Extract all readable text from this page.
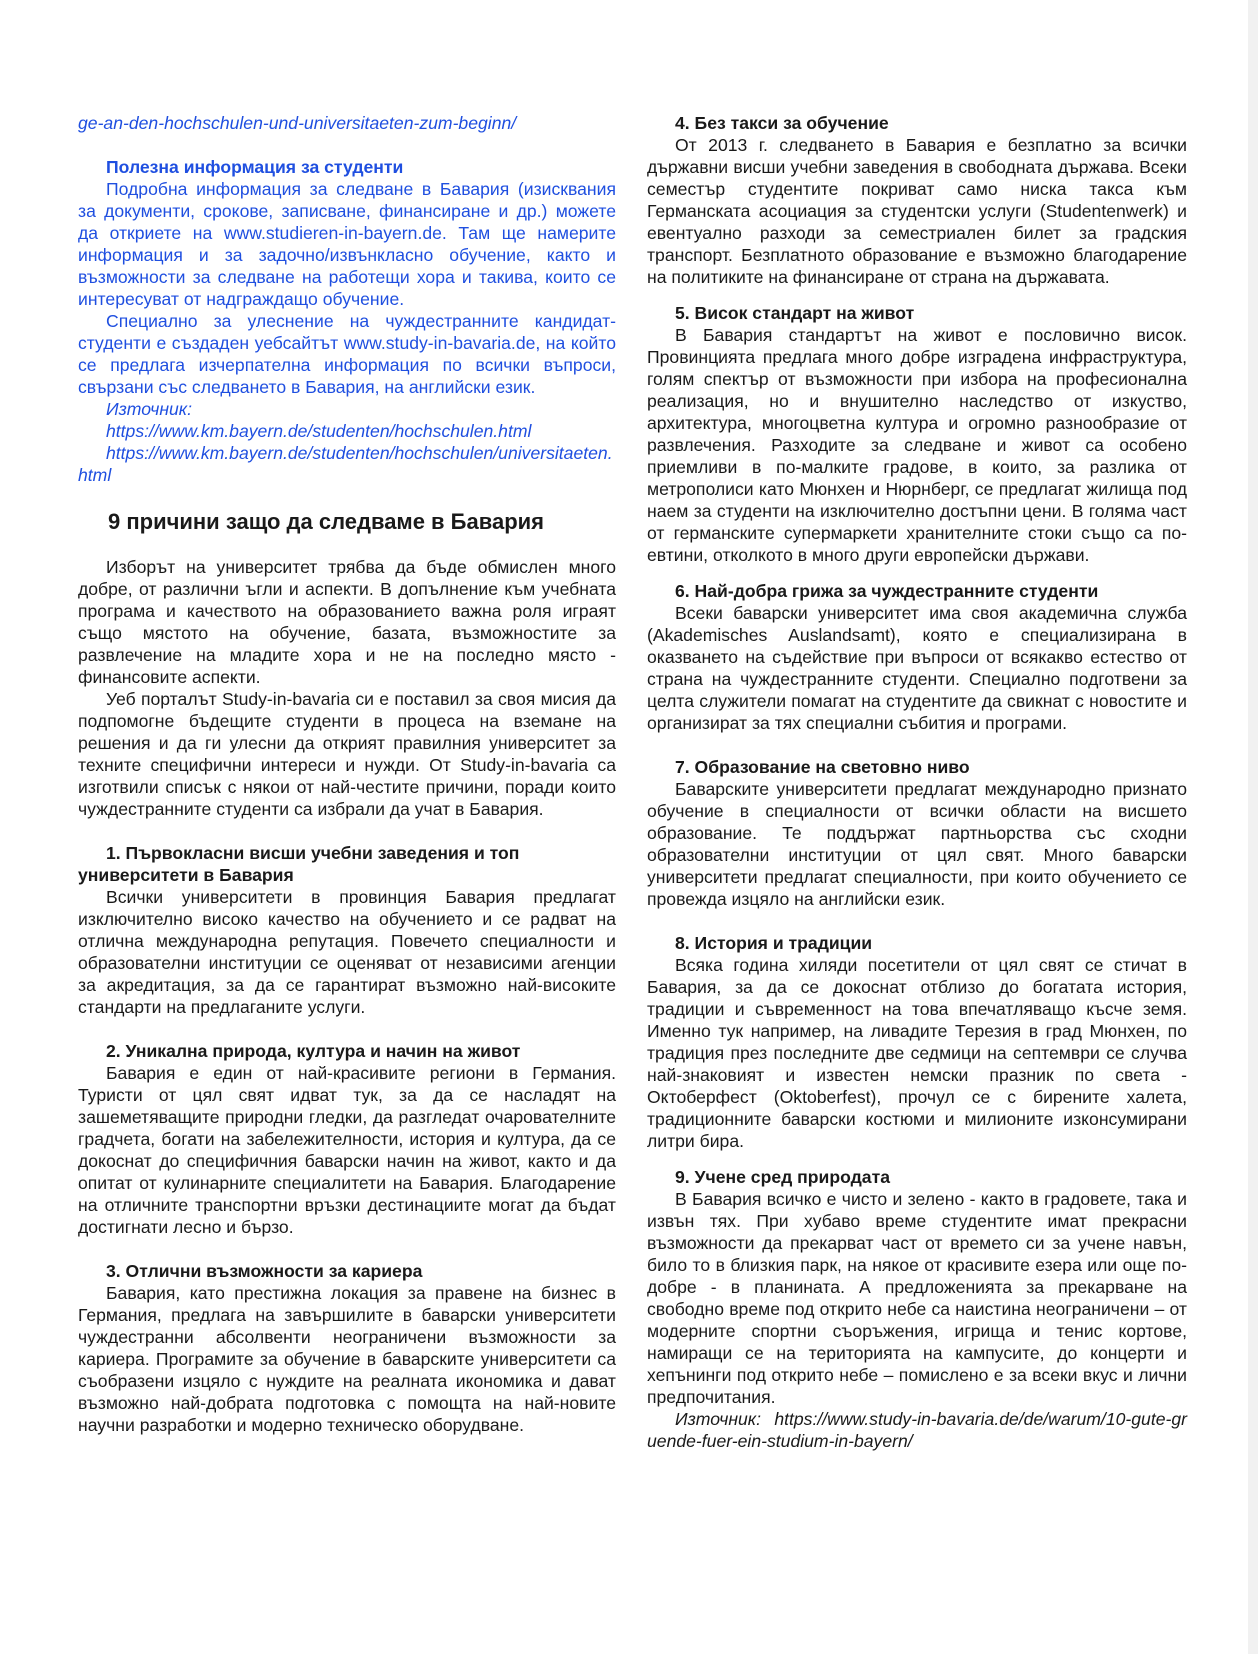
ge-an-den-hochschulen-und-universitaeten-zum-beginn/

Полезна информация за студенти

Подробна информация за следване в Бавария (изисквания за документи, срокове, записване, финансиране и др.) можете да откриете на www.studieren-in-bayern.de. Там ще намерите информация и за задочно/извънкласно обучение, както и възможности за следване на работещи хора и такива, които се интересуват от надграждащо обучение.

Специално за улеснение на чуждестранните кандидат-студенти е създаден уебсайтът www.study-in-bavaria.de, на който се предлага изчерпателна информация по всички въпроси, свързани със следването в Бавария, на английски език.

Източник:

https://www.km.bayern.de/studenten/hochschulen.html

https://www.km.bayern.de/studenten/hochschulen/universitaeten.html

9 причини защо да следваме в Бавария

Изборът на университет трябва да бъде обмислен много добре, от различни ъгли и аспекти. В допълнение към учебната програма и качеството на образованието важна роля играят също мястото на обучение, базата, възможностите за развлечение на младите хора и не на последно място - финансовите аспекти.

Уеб порталът Study-in-bavaria си е поставил за своя мисия да подпомогне бъдещите студенти в процеса на вземане на решения и да ги улесни да открият правилния университет за техните специфични интереси и нужди. От Study-in-bavaria са изготвили списък с някои от най-честите причини, поради които чуждестранните студенти са избрали да учат в Бавария.

1. Първокласни висши учебни заведения и топ университети в Бавария

Всички университети в провинция Бавария предлагат изключително високо качество на обучението и се радват на отлична международна репутация. Повечето специалности и образователни институции се оценяват от независими агенции за акредитация, за да се гарантират възможно най-високите стандарти на предлаганите услуги.

2. Уникална природа, култура и начин на живот

Бавария е един от най-красивите региони в Германия. Туристи от цял свят идват тук, за да се насладят на зашеметяващите природни гледки, да разгледат очарователните градчета, богати на забележителности, история и култура, да се докоснат до специфичния баварски начин на живот, както и да опитат от кулинарните специалитети на Бавария. Благодарение на отличните транспортни връзки дестинациите могат да бъдат достигнати лесно и бързо.

3. Отлични възможности за кариера

Бавария, като престижна локация за правене на бизнес в Германия, предлага на завършилите в баварски университети чуждестранни абсолвенти неограничени възможности за кариера. Програмите за обучение в баварските университети са съобразени изцяло с нуждите на реалната икономика и дават възможно най-добрата подготовка с помощта на най-новите научни разработки и модерно техническо оборудване.

4. Без такси за обучение

От 2013 г. следването в Бавария е безплатно за всички държавни висши учебни заведения в свободната държава. Всеки семестър студентите покриват само ниска такса към Германската асоциация за студентски услуги (Studentenwerk) и евентуално разходи за семестриален билет за градския транспорт. Безплатното образование е възможно благодарение на политиките на финансиране от страна на държавата.

5. Висок стандарт на живот

В Бавария стандартът на живот е пословично висок. Провинцията предлага много добре изградена инфраструктура, голям спектър от възможности при избора на професионална реализация, но и внушително наследство от изкуство, архитектура, многоцветна култура и огромно разнообразие от развлечения. Разходите за следване и живот са особено приемливи в по-малките градове, в които, за разлика от метрополиси като Мюнхен и Нюрнберг, се предлагат жилища под наем за студенти на изключително достъпни цени. В голяма част от германските супермаркети хранителните стоки също са по-евтини, отколкото в много други европейски държави.

6. Най-добра грижа за чуждестранните студенти

Всеки баварски университет има своя академична служба (Akademisches Auslandsamt), която е специализирана в оказването на съдействие при въпроси от всякакво естество от страна на чуждестранните студенти. Специално подготвени за целта служители помагат на студентите да свикнат с новостите и организират за тях специални събития и програми.

7. Образование на световно ниво

Баварските университети предлагат международно признато обучение в специалности от всички области на висшето образование. Те поддържат партньорства със сходни образователни институции от цял свят. Много баварски университети предлагат специалности, при които обучението се провежда изцяло на английски език.

8. История и традиции

Всяка година хиляди посетители от цял свят се стичат в Бавария, за да се докоснат отблизо до богатата история, традиции и съвременност на това впечатляващо късче земя. Именно тук например, на ливадите Терезия в град Мюнхен, по традиция през последните две седмици на септември се случва най-знаковият и известен немски празник по света - Октоберфест (Oktoberfest), прочул се с бирените халета, традиционните баварски костюми и милионите изконсумирани литри бира.

9. Учене сред природата

В Бавария всичко е чисто и зелено - както в градовете, така и извън тях. При хубаво време студентите имат прекрасни възможности да прекарват част от времето си за учене навън, било то в близкия парк, на някое от красивите езера или още по-добре - в планината. А предложенията за прекарване на свободно време под открито небе са наистина неограничени – от модерните спортни съоръжения, игрища и тенис кортове, намиращи се на територията на кампусите, до концерти и хепънинги под открито небе – помислено е за всеки вкус и лични предпочитания.

Източник: https://www.study-in-bavaria.de/de/warum/10-gute-gruende-fuer-ein-studium-in-bayern/
